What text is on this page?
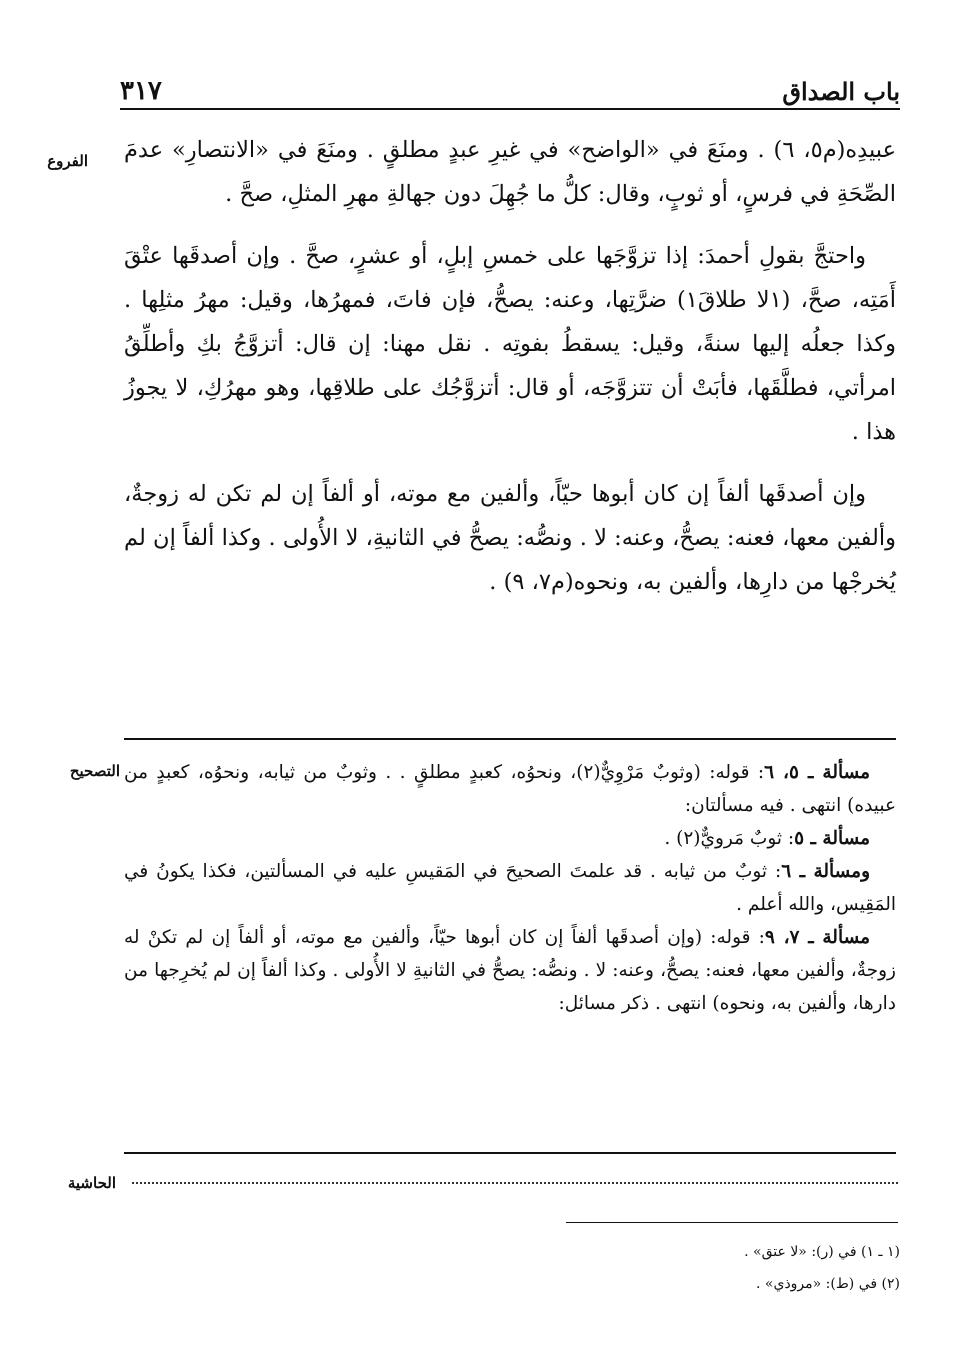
باب الصداق
٣١٧
الفروع عبيدِه(م٥، ٦) . ومنَعَ في «الواضح» في غيرِ عبدٍ مطلقٍ . ومنَعَ في «الانتصارِ» عدمَ الصِّحَةِ في فرسٍ، أو ثوبٍ، وقال: كلُّ ما جُهِلَ دون جهالةِ مهرِ المثلِ، صحَّ .

واحتجَّ بقولِ أحمدَ: إذا تزوَّجَها على خمسِ إبلٍ، أو عشرٍ، صحَّ . وإن أصدقَها عتْقَ أَمَتِه، صحَّ، (١لا طلاقَ١) ضرَّتِها، وعنه: يصحُّ، فإن فاتَ، فمهرُها، وقيل: مهرُ مثلِها . وكذا جعلُه إليها سنةً، وقيل: يسقطُ بفوتِه . نقل مهنا: إن قال: أتزوَّجُ بكِ وأطلِّقُ امرأتي، فطلَّقَها، فأبَتْ أن تتزوَّجَه، أو قال: أتزوَّجُك على طلاقِها، وهو مهرُكِ، لا يجوزُ هذا .

وإن أصدقَها ألفاً إن كان أبوها حيّاً، وألفين مع موته، أو ألفاً إن لم تكن له زوجةٌ، وألفين معها، فعنه: يصحُّ، وعنه: لا . ونصُّه: يصحُّ في الثانيةِ، لا الأُولى . وكذا ألفاً إن لم يُخرجْها من دارِها، وألفين به، ونحوه(م٧، ٩) .

التصحيح	مسألة ـ ٥، ٦: قوله: (وثوبٌ مَرْوِيٌّ(٢)، ونحوُه، كعبدٍ مطلقٍ . . وثوبٌ من ثيابه، ونحوُه، كعبدٍ من عبيده) انتهى . فيه مسألتان:

مسألة ـ ٥: ثوبٌ مَرويٌّ(٢) .

ومسألة ـ ٦: ثوبٌ من ثيابه . قد علمتَ الصحيحَ في المَقيسِ عليه في المسألتين، فكذا يكونُ في المَقِيس، والله أعلم .

مسألة ـ ٧، ٩: قوله: (وإن أصدقَها ألفاً إن كان أبوها حيّاً، وألفين مع موته، أو ألفاً إن لم تكنْ له زوجةٌ، وألفين معها، فعنه: يصحُّ، وعنه: لا . ونصُّه: يصحُّ في الثانيةِ لا الأُولى . وكذا ألفاً إن لم يُخرِجها من دارها، وألفين به، ونحوه) انتهى . ذكر مسائل:

الحاشية
(١ ـ ١) في (ر): «لا عتق» .
(٢) في (ط): «مروذي» .
